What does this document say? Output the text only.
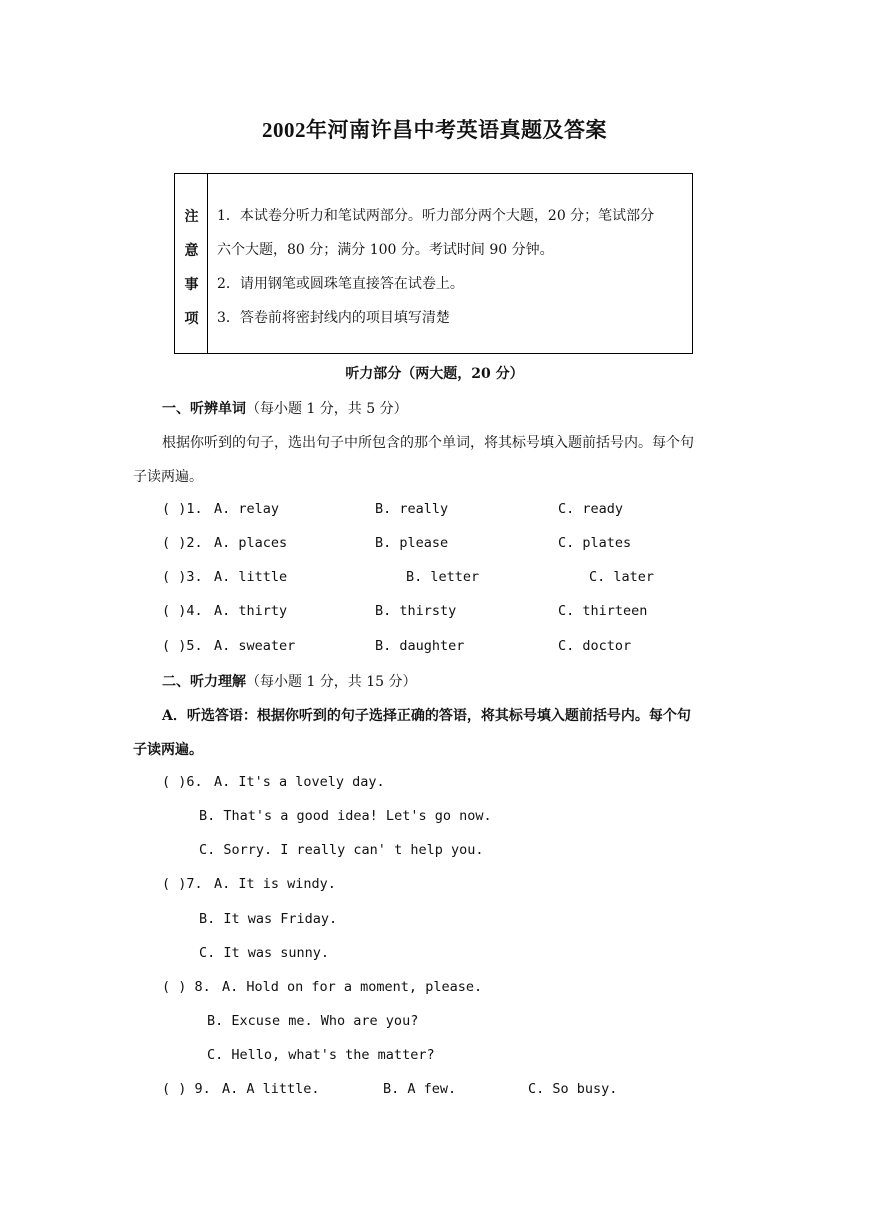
2002年河南许昌中考英语真题及答案
注
意
事
项
1．本试卷分听力和笔试两部分。听力部分两个大题，20 分；笔试部分
六个大题，80 分；满分 100 分。考试时间 90 分钟。
2．请用钢笔或圆珠笔直接答在试卷上。
3．答卷前将密封线内的项目填写清楚
听力部分（两大题，20 分）
一、听辨单词（每小题 1 分，共 5 分）
根据你听到的句子，选出句子中所包含的那个单词，将其标号填入题前括号内。每个句
子读两遍。
( )1. A. relay	B. really	C. ready
( )2. A. places	B. please	C. plates
( )3. A. little	B. letter	C. later
( )4. A. thirty	B. thirsty	C. thirteen
( )5. A. sweater	B. daughter	C. doctor
二、听力理解（每小题 1 分，共 15 分）
A．听选答语：根据你听到的句子选择正确的答语，将其标号填入题前括号内。每个句
子读两遍。
( )6. A. It's a lovely day.
B. That's a good idea! Let's go now.
C. Sorry. I really can' t help you.
( )7. A. It is windy.
B. It was Friday.
C. It was sunny.
( ) 8. A. Hold on for a moment, please.
B. Excuse me. Who are you?
C. Hello, what's the matter?
( ) 9. A. A little.	B. A few.	C. So busy.
